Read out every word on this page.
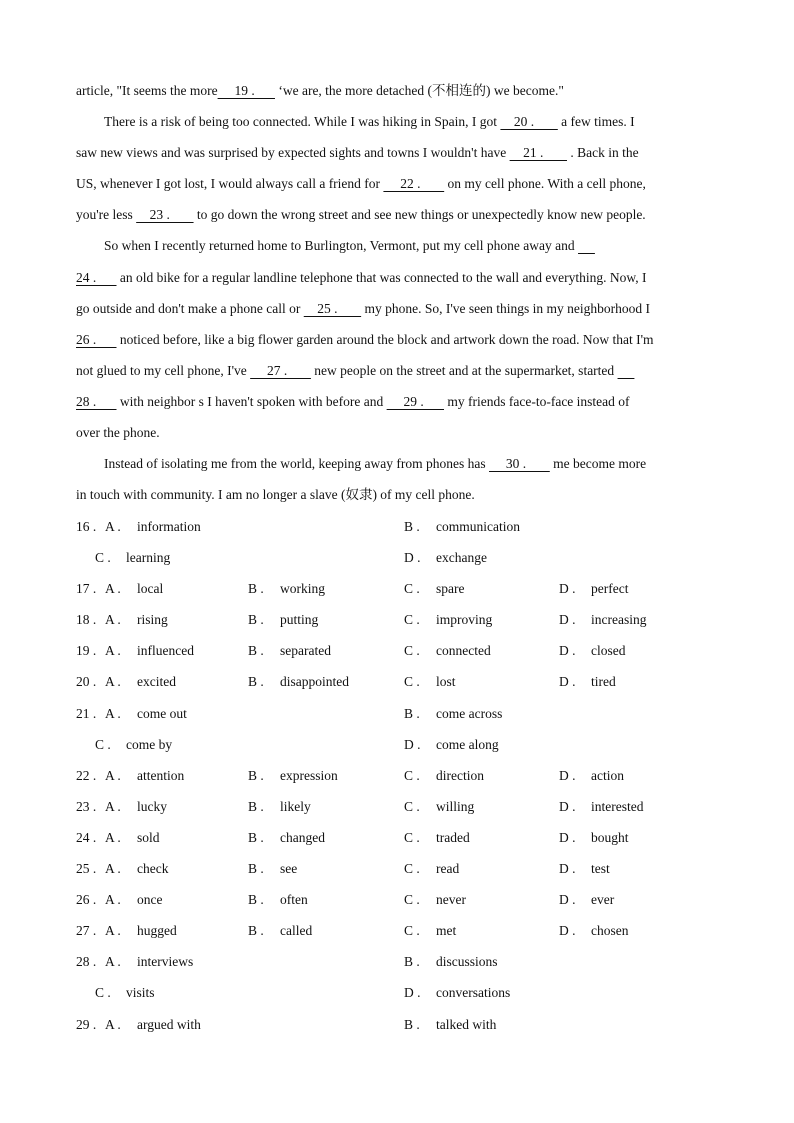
article, "It seems the more     19 .       ‘we are, the more detached (不相连的) we become."
There is a risk of being too connected. While I was hiking in Spain, I got     20 .        a few times. I
saw new views and was surprised by expected sights and towns I wouldn't have     21 .        . Back in the
US, whenever I got lost, I would always call a friend for      22 .        on my cell phone. With a cell phone,
you're less     23 .        to go down the wrong street and see new things or unexpectedly know new people.
So when I recently returned home to Burlington, Vermont, put my cell phone away and
24 .       an old bike for a regular landline telephone that was connected to the wall and everything. Now, I
go outside and don't make a phone call or     25 .        my phone. So, I've seen things in my neighborhood I
26 .       noticed before, like a big flower garden around the block and artwork down the road. Now that I'm
not glued to my cell phone, I've      27 .        new people on the street and at the supermarket, started
28 .       with neighbor s I haven't spoken with before and      29 .       my friends face-to-face instead of
over the phone.
Instead of isolating me from the world, keeping away from phones has      30 .        me become more
in touch with community. I am no longer a slave (奴隶) of my cell phone.
16 . A . information	B . communication
C . learning	D . exchange
17 . A . local	B . working	C . spare	D . perfect
18 . A . rising	B . putting	C . improving	D . increasing
19 . A . influenced	B . separated	C . connected	D . closed
20 . A . excited	B . disappointed	C . lost	D . tired
21 . A . come out	B . come across
C . come by	D . come along
22 . A . attention	B . expression	C . direction	D . action
23 . A . lucky	B . likely	C . willing	D . interested
24 . A . sold	B . changed	C . traded	D . bought
25 . A . check	B . see	C . read	D . test
26 . A . once	B . often	C . never	D . ever
27 . A . hugged	B . called	C . met	D . chosen
28 . A . interviews	B . discussions
C . visits	D . conversations
29 . A . argued with	B . talked with
